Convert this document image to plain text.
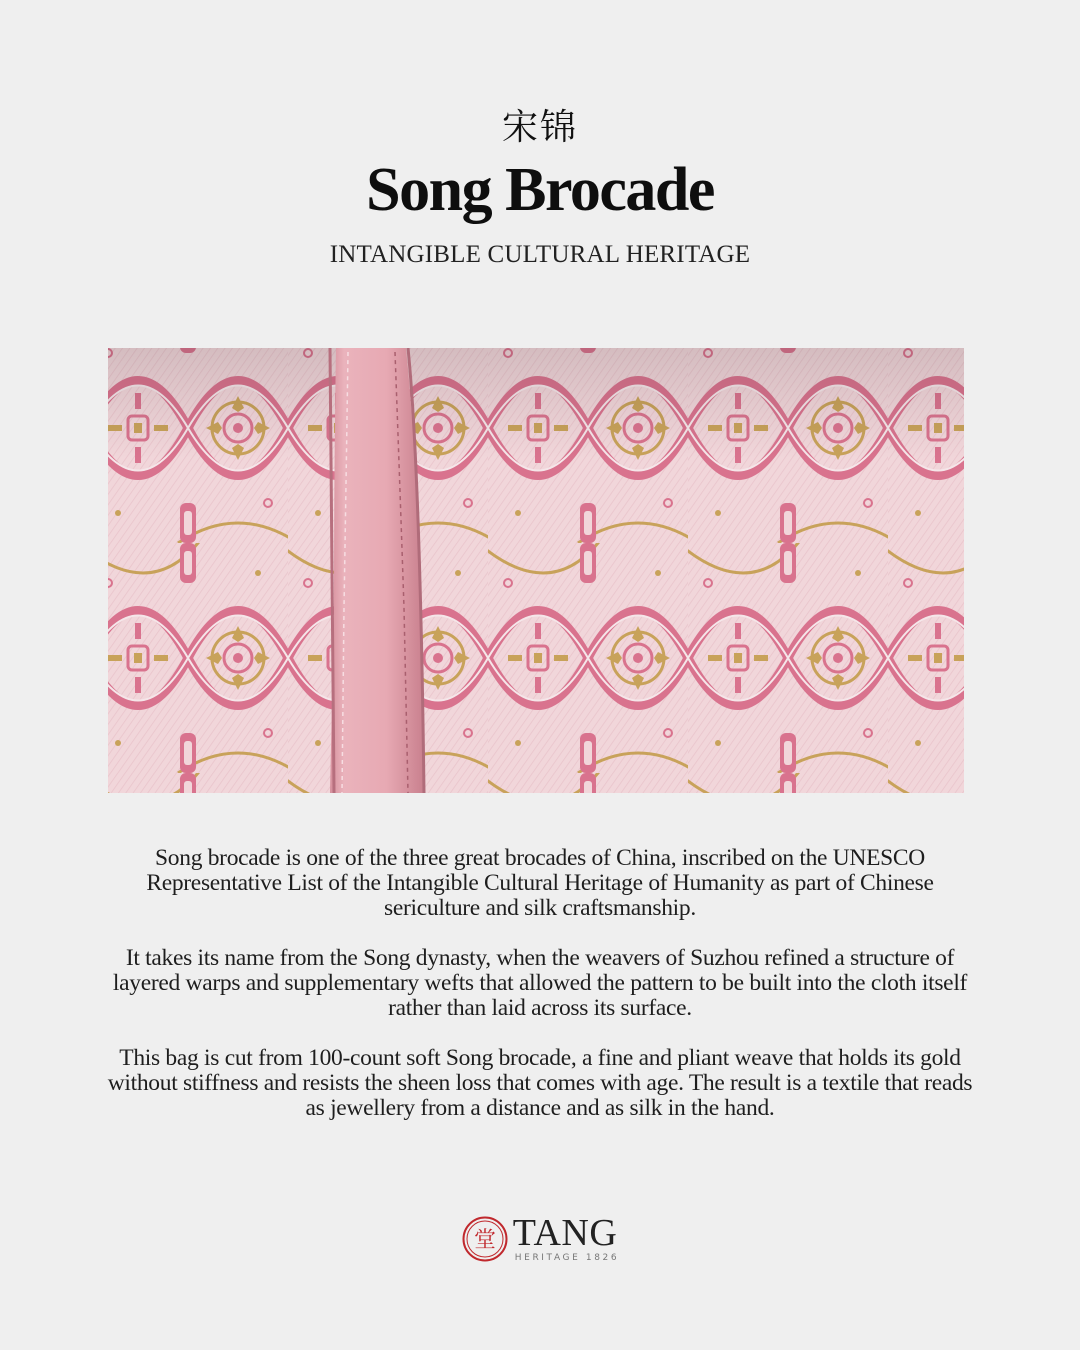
宋锦
Song Brocade
INTANGIBLE CULTURAL HERITAGE

Song brocade is one of the three great brocades of China, inscribed on the UNESCO Representative List of the Intangible Cultural Heritage of Humanity as part of Chinese sericulture and silk craftsmanship.

It takes its name from the Song dynasty, when the weavers of Suzhou refined a structure of layered warps and supplementary wefts that allowed the pattern to be built into the cloth itself rather than laid across its surface.

This bag is cut from 100-count soft Song brocade, a fine and pliant weave that holds its gold without stiffness and resists the sheen loss that comes with age. The result is a textile that reads as jewellery from a distance and as silk in the hand.

堂 TANG
HERITAGE 1826
